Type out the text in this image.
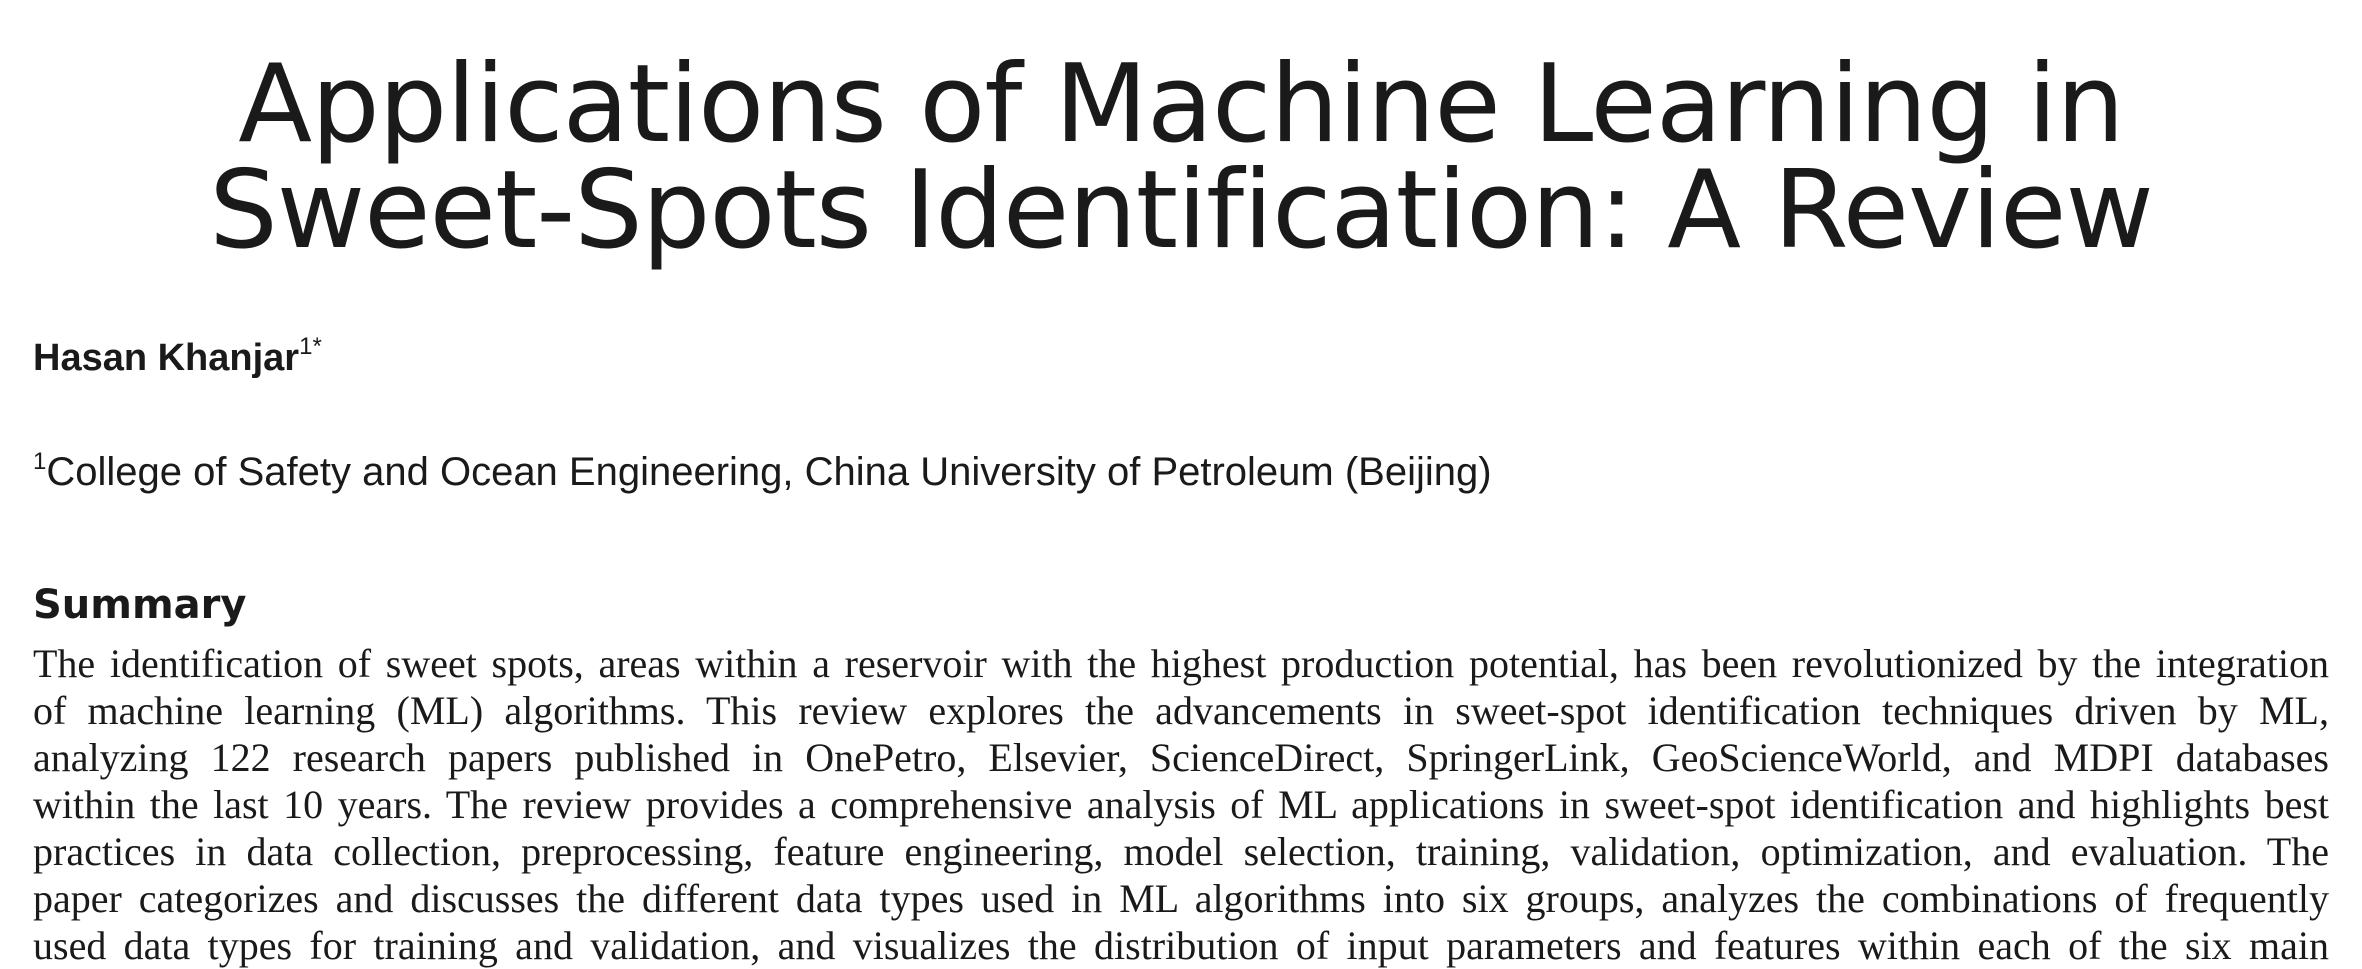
Applications of Machine Learning in
Sweet-Spots Identification: A Review
Hasan Khanjar$^{1*}$
$^1$College of Safety and Ocean Engineering, China University of Petroleum (Beijing)
Summary
The identification of sweet spots, areas within a reservoir with the highest production potential, has been revolutionized by the integration
of machine learning (ML) algorithms. This review explores the advancements in sweet-spot identification techniques driven by ML,
analyzing 122 research papers published in OnePetro, Elsevier, ScienceDirect, SpringerLink, GeoScienceWorld, and MDPI databases
within the last 10 years. The review provides a comprehensive analysis of ML applications in sweet-spot identification and highlights best
practices in data collection, preprocessing, feature engineering, model selection, training, validation, optimization, and evaluation. The
paper categorizes and discusses the different data types used in ML algorithms into six groups, analyzes the combinations of frequently
used data types for training and validation, and visualizes the distribution of input parameters and features within each of the six main
